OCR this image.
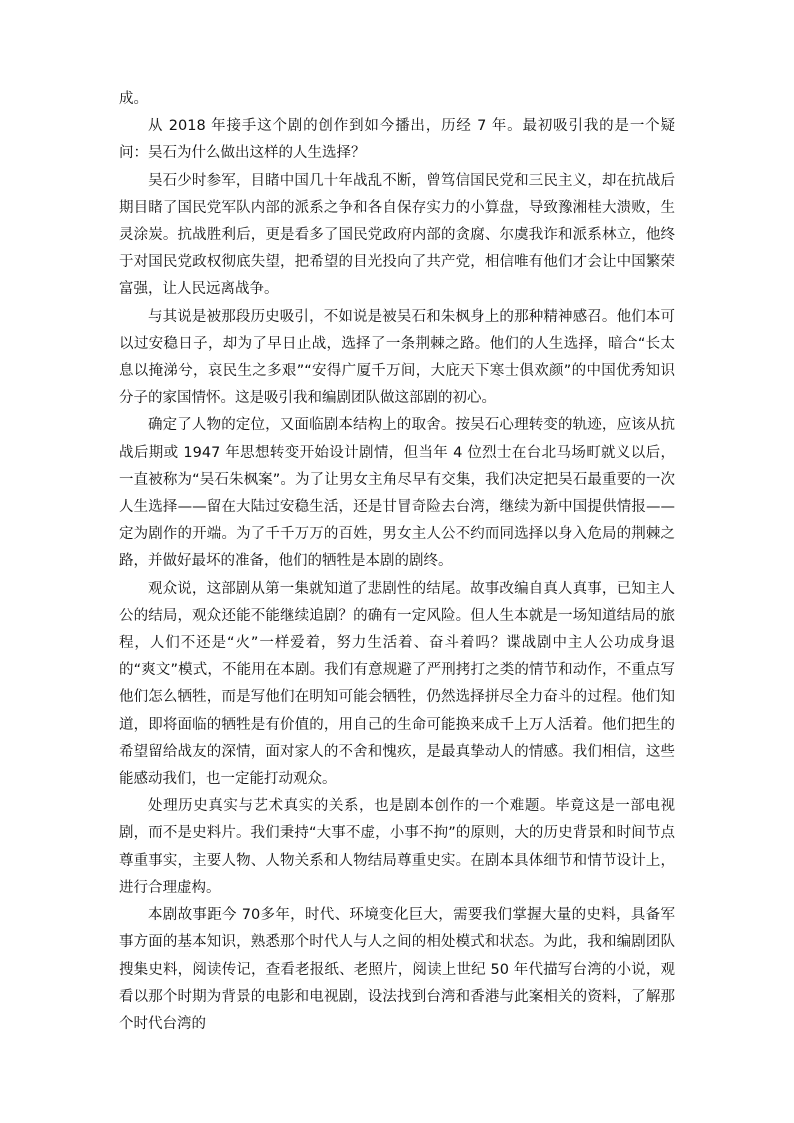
成。

从 2018 年接手这个剧的创作到如今播出，历经 7 年。最初吸引我的是一个疑问：吴石为什么做出这样的人生选择？

吴石少时参军，目睹中国几十年战乱不断，曾笃信国民党和三民主义，却在抗战后期目睹了国民党军队内部的派系之争和各自保存实力的小算盘，导致豫湘桂大溃败，生灵涂炭。抗战胜利后，更是看多了国民党政府内部的贪腐、尔虞我诈和派系林立，他终于对国民党政权彻底失望，把希望的目光投向了共产党，相信唯有他们才会让中国繁荣富强，让人民远离战争。

与其说是被那段历史吸引，不如说是被吴石和朱枫身上的那种精神感召。他们本可以过安稳日子，却为了早日止战，选择了一条荆棘之路。他们的人生选择，暗合“长太息以掩涕兮，哀民生之多艰”“安得广厦千万间，大庇天下寒士俱欢颜”的中国优秀知识分子的家国情怀。这是吸引我和编剧团队做这部剧的初心。

确定了人物的定位，又面临剧本结构上的取舍。按吴石心理转变的轨迹，应该从抗战后期或 1947 年思想转变开始设计剧情，但当年 4 位烈士在台北马场町就义以后，一直被称为“吴石朱枫案”。为了让男女主角尽早有交集，我们决定把吴石最重要的一次人生选择——留在大陆过安稳生活，还是甘冒奇险去台湾，继续为新中国提供情报——定为剧作的开端。为了千千万万的百姓，男女主人公不约而同选择以身入危局的荆棘之路，并做好最坏的准备，他们的牺牲是本剧的剧终。

观众说，这部剧从第一集就知道了悲剧性的结尾。故事改编自真人真事，已知主人公的结局，观众还能不能继续追剧？的确有一定风险。但人生本就是一场知道结局的旅程，人们不还是“火”一样爱着，努力生活着、奋斗着吗？谍战剧中主人公功成身退的“爽文”模式，不能用在本剧。我们有意规避了严刑拷打之类的情节和动作，不重点写他们怎么牺牲，而是写他们在明知可能会牺牲，仍然选择拼尽全力奋斗的过程。他们知道，即将面临的牺牲是有价值的，用自己的生命可能换来成千上万人活着。他们把生的希望留给战友的深情，面对家人的不舍和愧疚，是最真挚动人的情感。我们相信，这些能感动我们，也一定能打动观众。

处理历史真实与艺术真实的关系，也是剧本创作的一个难题。毕竟这是一部电视剧，而不是史料片。我们秉持“大事不虚，小事不拘”的原则，大的历史背景和时间节点尊重事实，主要人物、人物关系和人物结局尊重史实。在剧本具体细节和情节设计上，进行合理虚构。

本剧故事距今 70多年，时代、环境变化巨大，需要我们掌握大量的史料，具备军事方面的基本知识，熟悉那个时代人与人之间的相处模式和状态。为此，我和编剧团队搜集史料，阅读传记，查看老报纸、老照片，阅读上世纪 50 年代描写台湾的小说，观看以那个时期为背景的电影和电视剧，设法找到台湾和香港与此案相关的资料，了解那个时代台湾的
